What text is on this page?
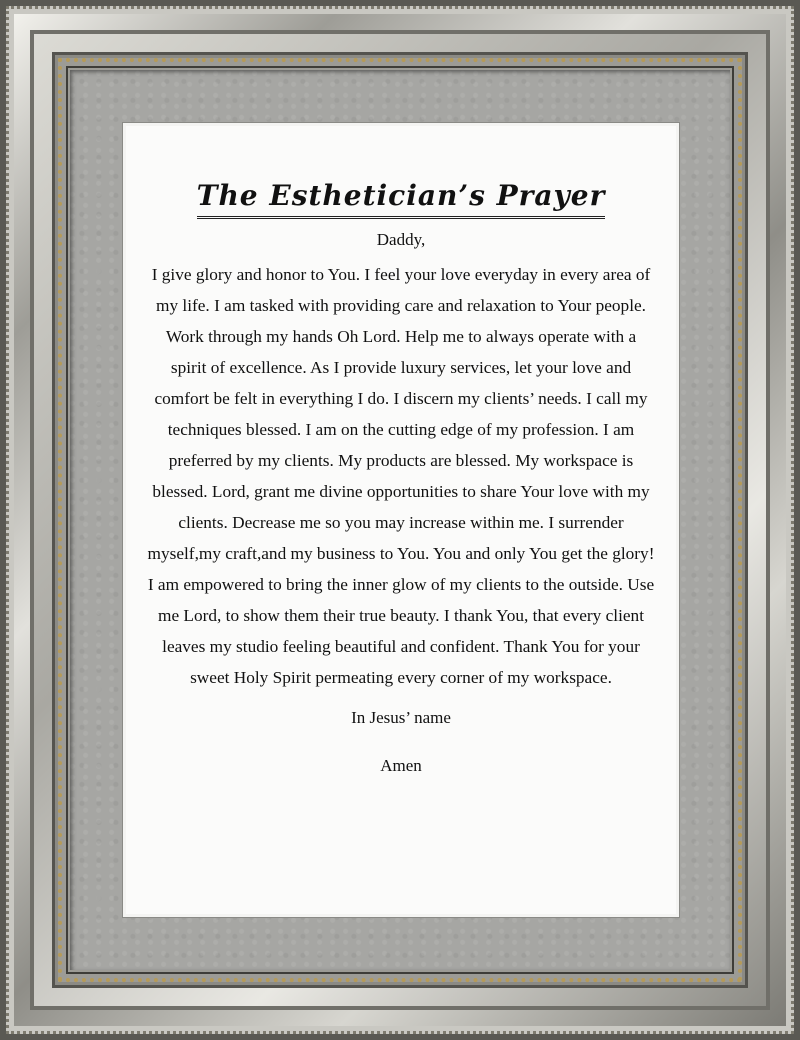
The Esthetician’s Prayer

Daddy,

I give glory and honor to You. I feel your love everyday in every area of my life. I am tasked with providing care and relaxation to Your people. Work through my hands Oh Lord. Help me to always operate with a spirit of excellence. As I provide luxury services, let your love and comfort be felt in everything I do. I discern my clients’ needs. I call my techniques blessed. I am on the cutting edge of my profession. I am preferred by my clients. My products are blessed. My workspace is blessed. Lord, grant me divine opportunities to share Your love with my clients. Decrease me so you may increase within me. I surrender myself,my craft,and my business to You. You and only You get the glory! I am empowered to bring the inner glow of my clients to the outside. Use me Lord, to show them their true beauty. I thank You, that every client leaves my studio feeling beautiful and confident. Thank You for your sweet Holy Spirit permeating every corner of my workspace.

In Jesus’ name

Amen
